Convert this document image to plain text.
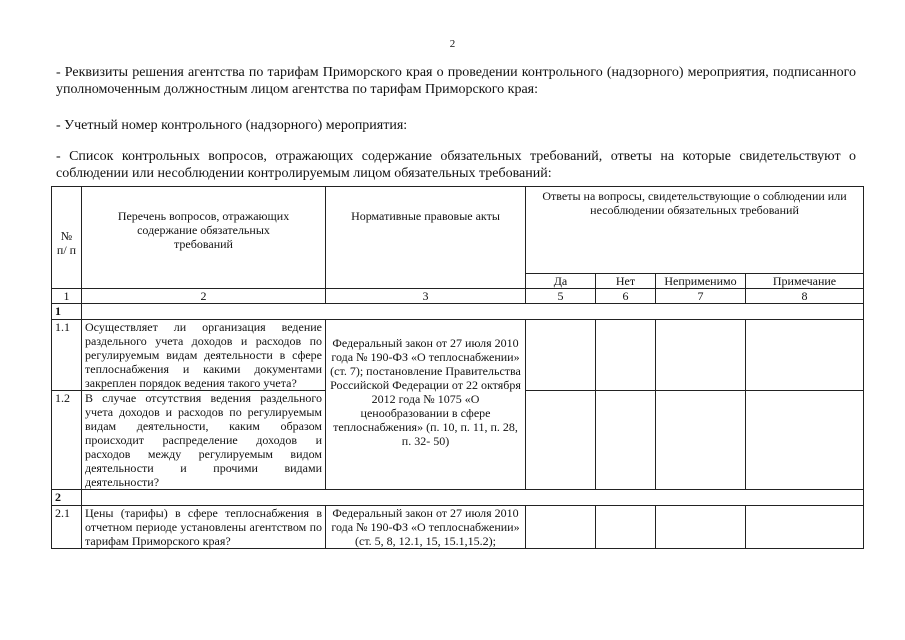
2
- Реквизиты решения агентства по тарифам Приморского края о проведении контрольного (надзорного) мероприятия, подписанного уполномоченным должностным лицом агентства по тарифам Приморского края:
- Учетный номер контрольного (надзорного) мероприятия:
- Список контрольных вопросов, отражающих содержание обязательных требований, ответы на которые свидетельствуют о соблюдении или несоблюдении контролируемым лицом обязательных требований:
№ п/ п	Перечень вопросов, отражающих содержание обязательных требований	Нормативные правовые акты	Ответы на вопросы, свидетельствующие о соблюдении или несоблюдении обязательных требований			
			Да	Нет	Неприменимо	Примечание
1	2	3	5	6	7	8
1						
1.1	Осуществляет ли организация ведение раздельного учета доходов и расходов по регулируемым видам деятельности в сфере теплоснабжения и какими документами закреплен порядок ведения такого учета?	Федеральный закон от 27 июля 2010 года № 190-ФЗ «О теплоснабжении» (ст. 7); постановление Правительства Российской Федерации от 22 октября 2012 года № 1075 «О ценообразовании в сфере теплоснабжения» (п. 10, п. 11, п. 28, п. 32- 50)				
1.2	В случае отсутствия ведения раздельного учета доходов и расходов по регулируемым видам деятельности, каким образом происходит распределение доходов и расходов между регулируемым видом деятельности и прочими видами деятельности?					
2						
2.1	Цены (тарифы) в сфере теплоснабжения в отчетном периоде установлены агентством по тарифам Приморского края?	Федеральный закон от 27 июля 2010 года № 190-ФЗ «О теплоснабжении» (ст. 5, 8, 12.1, 15, 15.1,15.2);				
